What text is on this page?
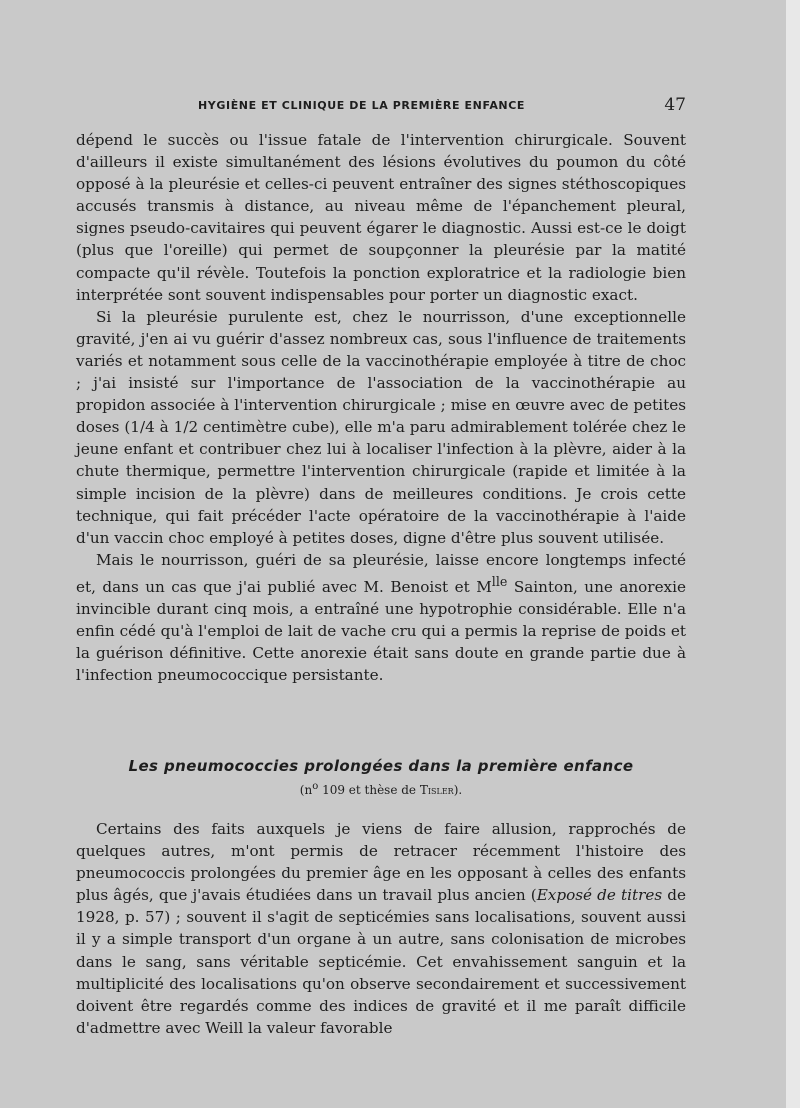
HYGIÈNE ET CLINIQUE DE LA PREMIÈRE ENFANCE	47

dépend le succès ou l'issue fatale de l'intervention chirurgicale. Souvent d'ailleurs il existe simultanément des lésions évolutives du poumon du côté opposé à la pleurésie et celles-ci peuvent entraîner des signes stéthoscopiques accusés transmis à distance, au niveau même de l'épanchement pleural, signes pseudo-cavitaires qui peuvent égarer le diagnostic. Aussi est-ce le doigt (plus que l'oreille) qui permet de soupçonner la pleurésie par la matité compacte qu'il révèle. Toutefois la ponction exploratrice et la radiologie bien interprétée sont souvent indispensables pour porter un diagnostic exact.

Si la pleurésie purulente est, chez le nourrisson, d'une exceptionnelle gravité, j'en ai vu guérir d'assez nombreux cas, sous l'influence de traitements variés et notamment sous celle de la vaccinothérapie employée à titre de choc ; j'ai insisté sur l'importance de l'association de la vaccinothérapie au propidon associée à l'intervention chirurgicale ; mise en œuvre avec de petites doses (1/4 à 1/2 centimètre cube), elle m'a paru admirablement tolérée chez le jeune enfant et contribuer chez lui à localiser l'infection à la plèvre, aider à la chute thermique, permettre l'intervention chirurgicale (rapide et limitée à la simple incision de la plèvre) dans de meilleures conditions. Je crois cette technique, qui fait précéder l'acte opératoire de la vaccinothérapie à l'aide d'un vaccin choc employé à petites doses, digne d'être plus souvent utilisée.

Mais le nourrisson, guéri de sa pleurésie, laisse encore longtemps infecté et, dans un cas que j'ai publié avec M. Benoist et $M^{lle}$ Sainton, une anorexie invincible durant cinq mois, a entraîné une hypotrophie considérable. Elle n'a enfin cédé qu'à l'emploi de lait de vache cru qui a permis la reprise de poids et la guérison définitive. Cette anorexie était sans doute en grande partie due à l'infection pneumococcique persistante.

Les pneumococcies prolongées dans la première enfance
($n^o$ 109 et thèse de Tisler).

Certains des faits auxquels je viens de faire allusion, rapprochés de quelques autres, m'ont permis de retracer récemment l'histoire des pneumococcis prolongées du premier âge en les opposant à celles des enfants plus âgés, que j'avais étudiées dans un travail plus ancien (Exposé de titres de 1928, p. 57) ; souvent il s'agit de septicémies sans localisations, souvent aussi il y a simple transport d'un organe à un autre, sans colonisation de microbes dans le sang, sans véritable septicémie. Cet envahissement sanguin et la multiplicité des localisations qu'on observe secondairement et successivement doivent être regardés comme des indices de gravité et il me paraît difficile d'admettre avec Weill la valeur favorable
